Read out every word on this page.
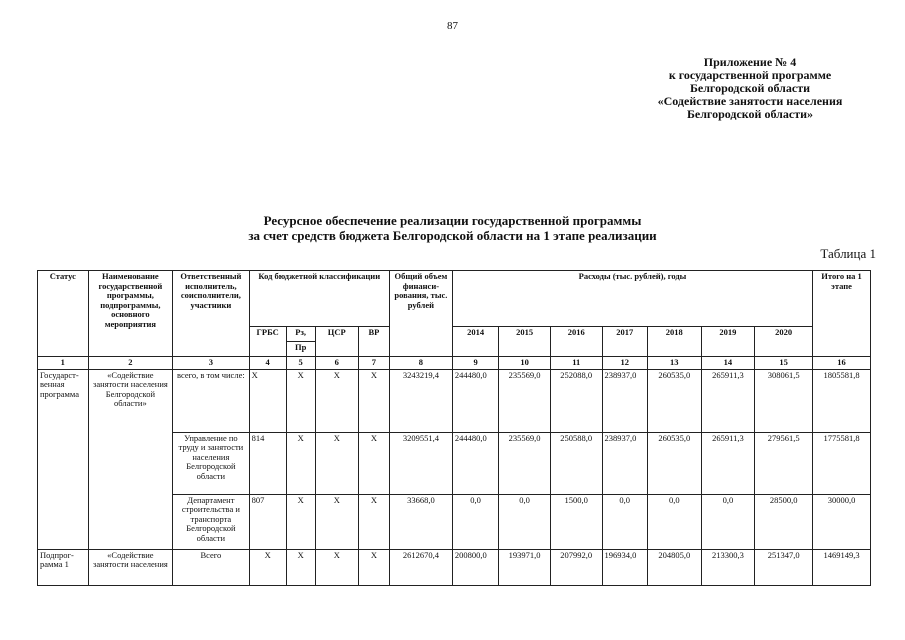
87
Приложение № 4
к государственной программе
Белгородской области
«Содействие занятости населения
Белгородской области»
Ресурсное обеспечение реализации государственной программы
за счет средств бюджета Белгородской области на 1 этапе реализации
Таблица 1
Статус	Наименование государственной программы, подпрограммы, основного мероприятия	Ответственный исполнитель, соисполнители, участники	Код бюджетной классификации				Общий объем финанси-рования, тыс. рублей	Расходы (тыс. рублей), годы							Итого на 1 этапе
			ГРБС	Рз,	ЦСР	ВР		2014	2015	2016	2017	2018	2019	2020	
				Пр											
1	2	3	4	5	6	7	8	9	10	11	12	13	14	15	16
Государст-венная программа	«Содействие занятости населения Белгородской области»	всего, в том числе:	X	X	X	X	3243219,4	244480,0	235569,0	252088,0	238937,0	260535,0	265911,3	308061,5	1805581,8
		Управление по труду и занятости населения Белгородской области	814	X	X	X	3209551,4	244480,0	235569,0	250588,0	238937,0	260535,0	265911,3	279561,5	1775581,8
		Департамент строительства и транспорта Белгородской области	807	X	X	X	33668,0	0,0	0,0	1500,0	0,0	0,0	0,0	28500,0	30000,0
Подпрог-рамма 1	«Содействие занятости населения	Всего	X	X	X	X	2612670,4	200800,0	193971,0	207992,0	196934,0	204805,0	213300,3	251347,0	1469149,3
